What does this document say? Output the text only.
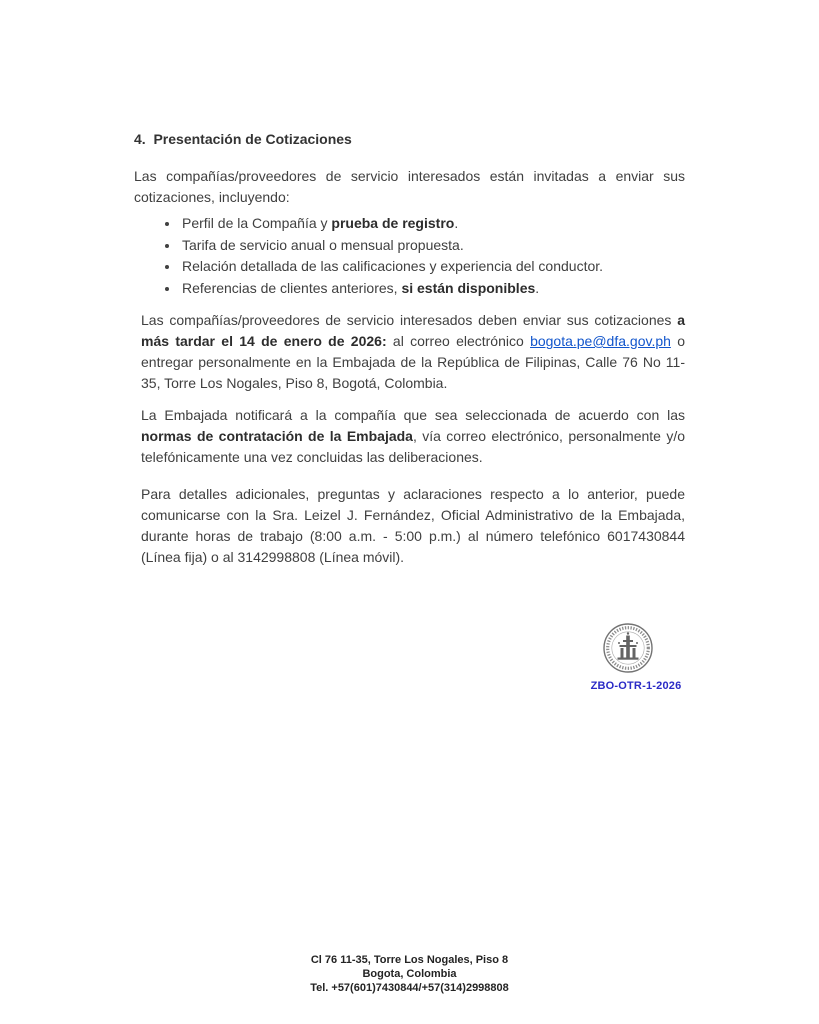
4.  Presentación de Cotizaciones

Las compañías/proveedores de servicio interesados están invitadas a enviar sus cotizaciones, incluyendo:

• Perfil de la Compañía y prueba de registro.
• Tarifa de servicio anual o mensual propuesta.
• Relación detallada de las calificaciones y experiencia del conductor.
• Referencias de clientes anteriores, si están disponibles.

Las compañías/proveedores de servicio interesados deben enviar sus cotizaciones a más tardar el 14 de enero de 2026: al correo electrónico bogota.pe@dfa.gov.ph o entregar personalmente en la Embajada de la República de Filipinas, Calle 76 No 11-35, Torre Los Nogales, Piso 8, Bogotá, Colombia.

La Embajada notificará a la compañía que sea seleccionada de acuerdo con las normas de contratación de la Embajada, vía correo electrónico, personalmente y/o telefónicamente una vez concluidas las deliberaciones.

Para detalles adicionales, preguntas y aclaraciones respecto a lo anterior, puede comunicarse con la Sra. Leizel J. Fernández, Oficial Administrativo de la Embajada, durante horas de trabajo (8:00 a.m. - 5:00 p.m.) al número telefónico 6017430844 (Línea fija) o al 3142998808 (Línea móvil).

ZBO-OTR-1-2026
Cl 76 11-35, Torre Los Nogales, Piso 8
Bogota, Colombia
Tel. +57(601)7430844/+57(314)2998808
